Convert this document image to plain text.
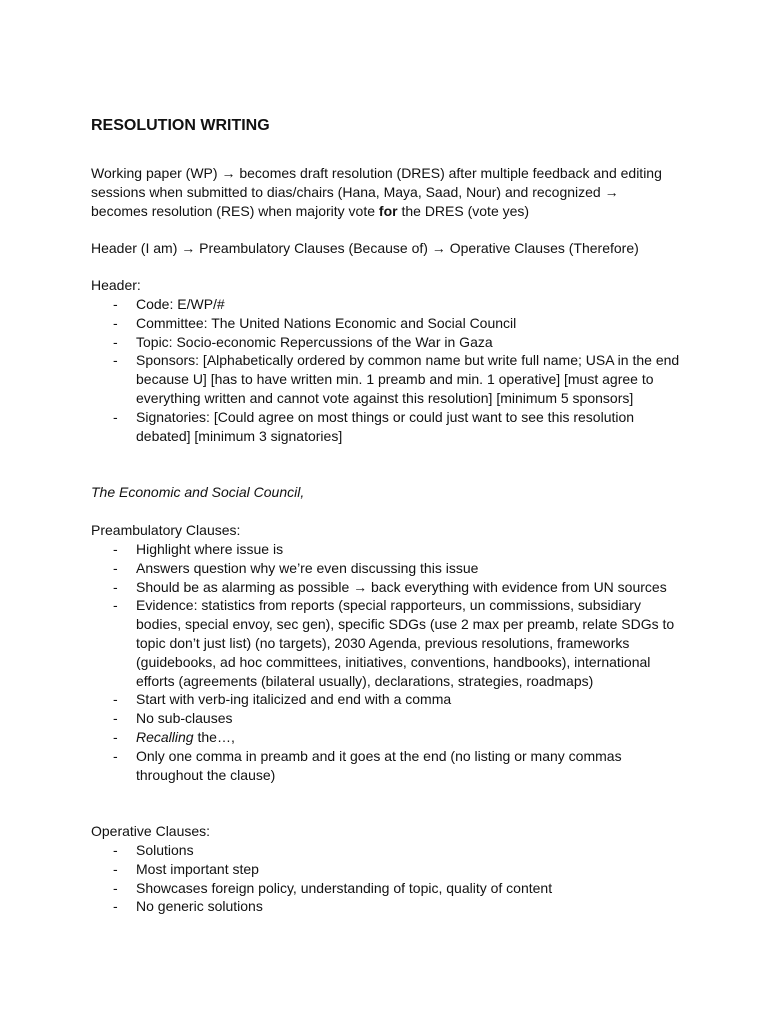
RESOLUTION WRITING

Working paper (WP) → becomes draft resolution (DRES) after multiple feedback and editing sessions when submitted to dias/chairs (Hana, Maya, Saad, Nour) and recognized → becomes resolution (RES) when majority vote for the DRES (vote yes)

Header (I am) → Preambulatory Clauses (Because of) → Operative Clauses (Therefore)

Header:

- Code: E/WP/#
- Committee: The United Nations Economic and Social Council
- Topic: Socio-economic Repercussions of the War in Gaza
- Sponsors: [Alphabetically ordered by common name but write full name; USA in the end because U] [has to have written min. 1 preamb and min. 1 operative] [must agree to everything written and cannot vote against this resolution] [minimum 5 sponsors]
- Signatories: [Could agree on most things or could just want to see this resolution debated] [minimum 3 signatories]

The Economic and Social Council,

Preambulatory Clauses:

- Highlight where issue is
- Answers question why we’re even discussing this issue
- Should be as alarming as possible → back everything with evidence from UN sources
- Evidence: statistics from reports (special rapporteurs, un commissions, subsidiary bodies, special envoy, sec gen), specific SDGs (use 2 max per preamb, relate SDGs to topic don’t just list) (no targets), 2030 Agenda, previous resolutions, frameworks (guidebooks, ad hoc committees, initiatives, conventions, handbooks), international efforts (agreements (bilateral usually), declarations, strategies, roadmaps)
- Start with verb-ing italicized and end with a comma
- No sub-clauses
- Recalling the…,
- Only one comma in preamb and it goes at the end (no listing or many commas throughout the clause)

Operative Clauses:

- Solutions
- Most important step
- Showcases foreign policy, understanding of topic, quality of content
- No generic solutions
